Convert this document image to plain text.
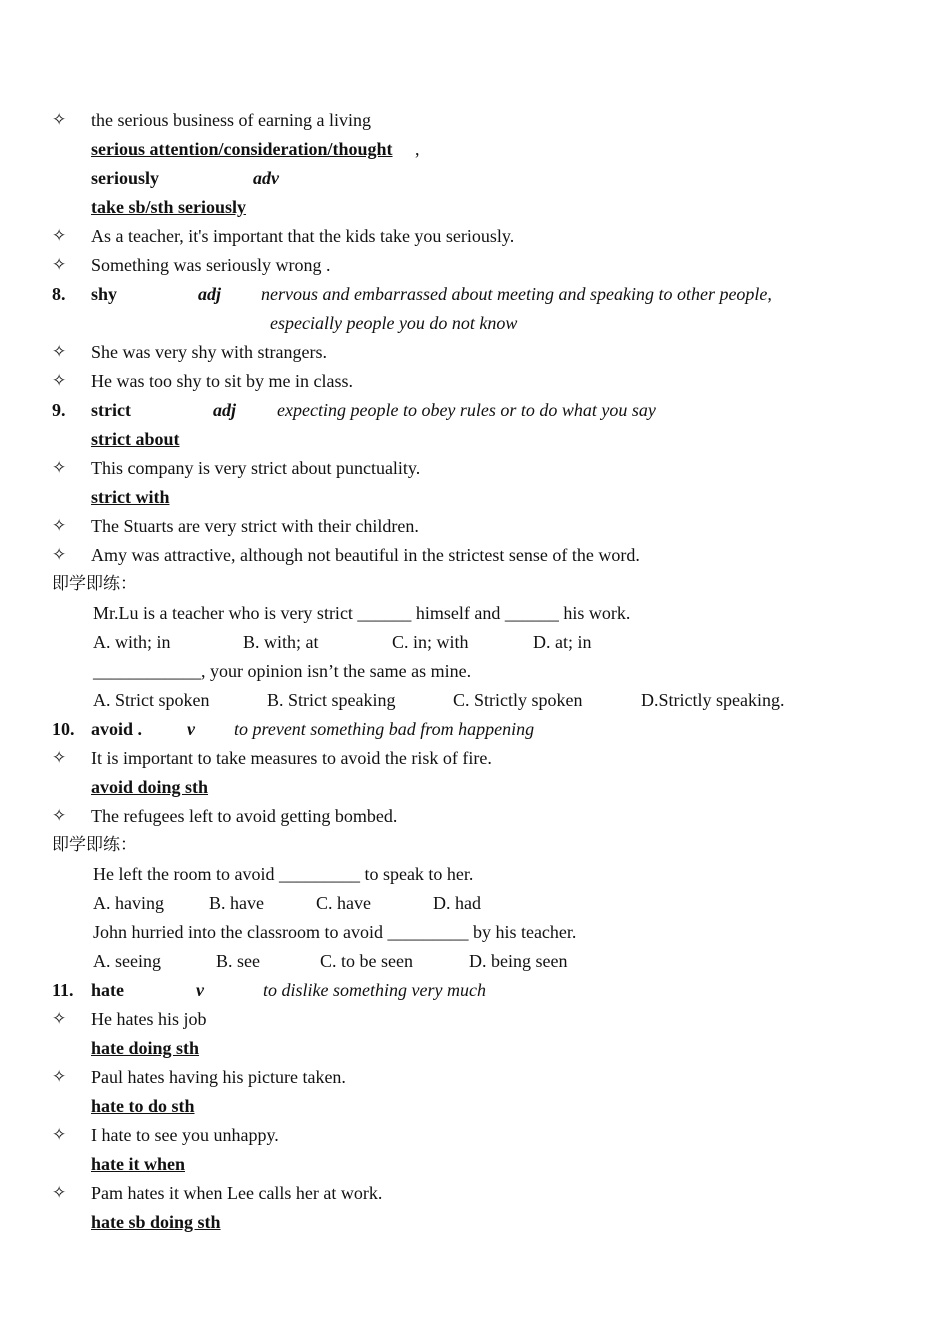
✧	the serious business of earning a living
serious attention/consideration/thought ,
seriously	adv
take sb/sth seriously
✧	As a teacher, it's important that the kids take you seriously.
✧	Something was seriously wrong .
8. shy	adj nervous and embarrassed about meeting and speaking to other people,
especially people you do not know
✧	She was very shy with strangers.
✧	He was too shy to sit by me in class.
9. strict	adj expecting people to obey rules or to do what you say
strict about
✧	This company is very strict about punctuality.
strict with
✧	The Stuarts are very strict with their children.
✧	Amy was attractive, although not beautiful in the strictest sense of the word.
即学即练：
Mr.Lu is a teacher who is very strict ______ himself and ______ his work.
A. with; in	B. with; at	C. in; with	D. at; in
____________, your opinion isn’t the same as mine.
A. Strict spoken	B. Strict speaking	C. Strictly spoken	D.Strictly speaking.
10. avoid . v to prevent something bad from happening
✧	It is important to take measures to avoid the risk of fire.
avoid doing sth
✧	The refugees left to avoid getting bombed.
即学即练：
He left the room to avoid _________ to speak to her.
A. having	B. have	C. have	D. had
John hurried into the classroom to avoid _________ by his teacher.
A. seeing	B. see	C. to be seen	D. being seen
11. hate	v	to dislike something very much
✧	He hates his job
hate doing sth
✧	Paul hates having his picture taken.
hate to do sth
✧	I hate to see you unhappy.
hate it when
✧	Pam hates it when Lee calls her at work.
hate sb doing sth
